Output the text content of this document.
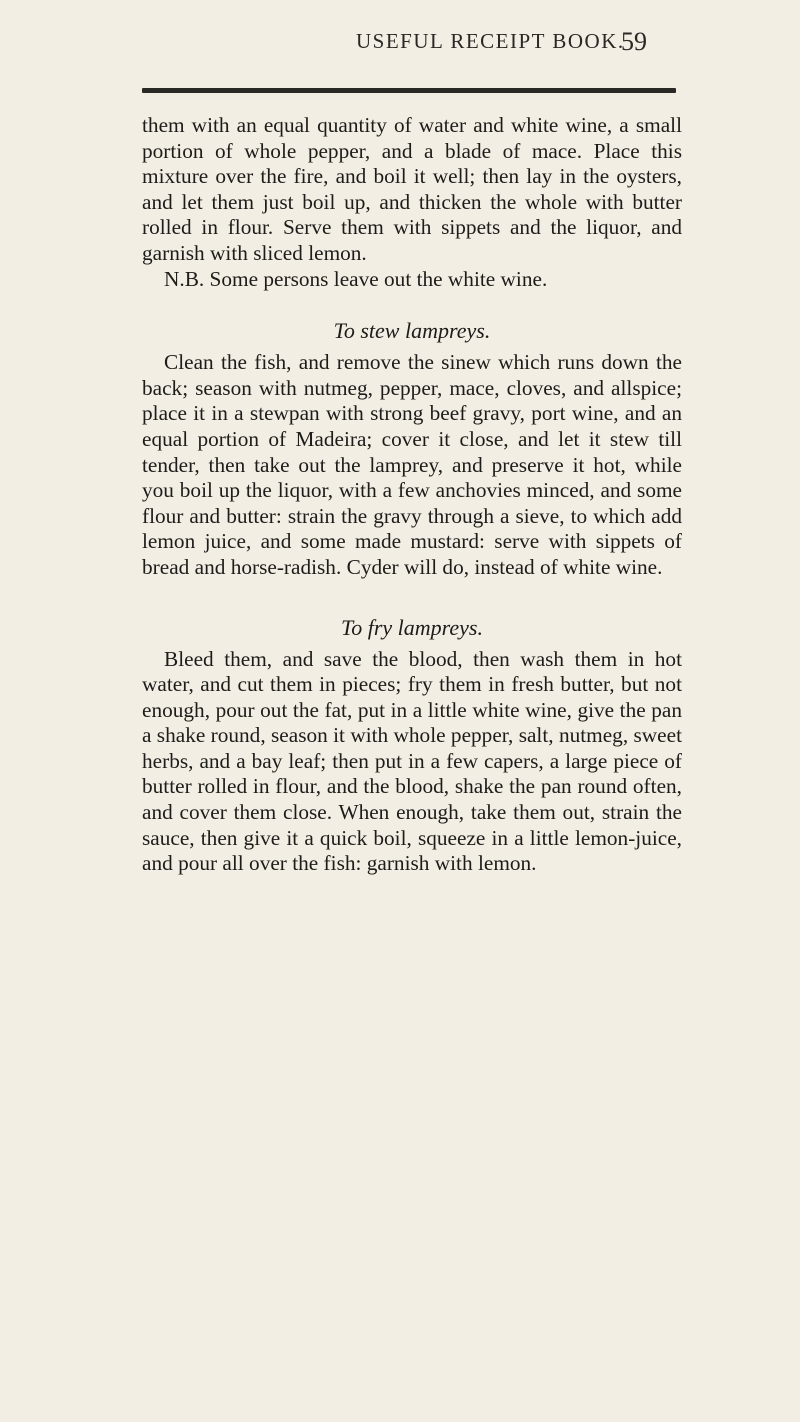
USEFUL RECEIPT BOOK.
59

them with an equal quantity of water and white wine, a small portion of whole pepper, and a blade of mace. Place this mixture over the fire, and boil it well; then lay in the oysters, and let them just boil up, and thicken the whole with butter rolled in flour. Serve them with sippets and the liquor, and garnish with sliced lemon.

N.B. Some persons leave out the white wine.

To stew lampreys.

Clean the fish, and remove the sinew which runs down the back; season with nutmeg, pepper, mace, cloves, and allspice; place it in a stewpan with strong beef gravy, port wine, and an equal portion of Madeira; cover it close, and let it stew till tender, then take out the lamprey, and preserve it hot, while you boil up the liquor, with a few anchovies minced, and some flour and butter: strain the gravy through a sieve, to which add lemon juice, and some made mustard: serve with sippets of bread and horse-radish. Cyder will do, instead of white wine.

To fry lampreys.

Bleed them, and save the blood, then wash them in hot water, and cut them in pieces; fry them in fresh butter, but not enough, pour out the fat, put in a little white wine, give the pan a shake round, season it with whole pepper, salt, nutmeg, sweet herbs, and a bay leaf; then put in a few capers, a large piece of butter rolled in flour, and the blood, shake the pan round often, and cover them close. When enough, take them out, strain the sauce, then give it a quick boil, squeeze in a little lemon-juice, and pour all over the fish: garnish with lemon.
